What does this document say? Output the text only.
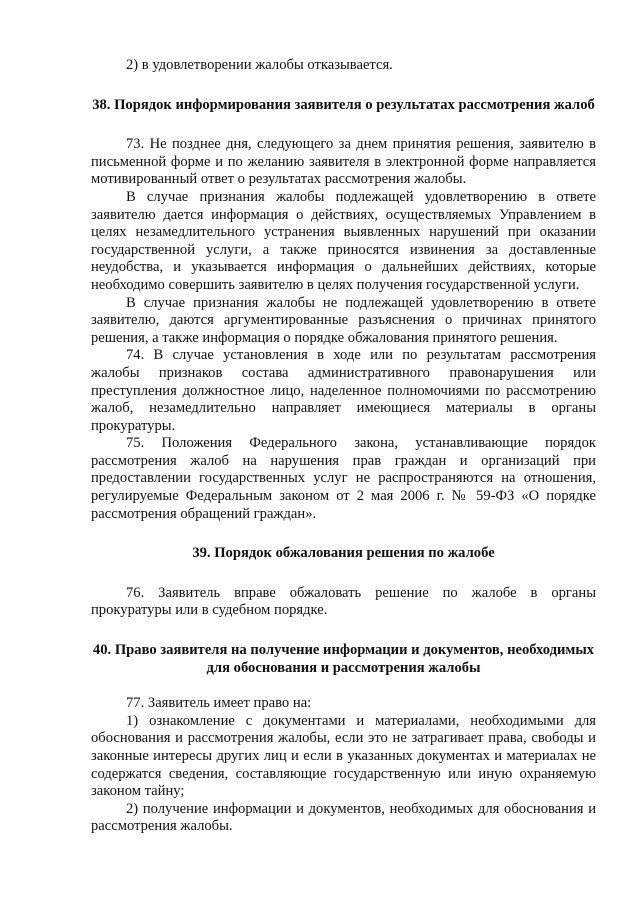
2) в удовлетворении жалобы отказывается.

38. Порядок информирования заявителя о результатах рассмотрения жалоб

73. Не позднее дня, следующего за днем принятия решения, заявителю в письменной форме и по желанию заявителя в электронной форме направляется мотивированный ответ о результатах рассмотрения жалобы.

В случае признания жалобы подлежащей удовлетворению в ответе заявителю дается информация о действиях, осуществляемых Управлением в целях незамедлительного устранения выявленных нарушений при оказании государственной услуги, а также приносятся извинения за доставленные неудобства, и указывается информация о дальнейших действиях, которые необходимо совершить заявителю в целях получения государственной услуги.

В случае признания жалобы не подлежащей удовлетворению в ответе заявителю, даются аргументированные разъяснения о причинах принятого решения, а также информация о порядке обжалования принятого решения.

74. В случае установления в ходе или по результатам рассмотрения жалобы признаков состава административного правонарушения или преступления должностное лицо, наделенное полномочиями по рассмотрению жалоб, незамедлительно направляет имеющиеся материалы в органы прокуратуры.

75. Положения Федерального закона, устанавливающие порядок рассмотрения жалоб на нарушения прав граждан и организаций при предоставлении государственных услуг не распространяются на отношения, регулируемые Федеральным законом от 2 мая 2006 г. № 59-ФЗ «О порядке рассмотрения обращений граждан».

39. Порядок обжалования решения по жалобе

76. Заявитель вправе обжаловать решение по жалобе в органы прокуратуры или в судебном порядке.

40. Право заявителя на получение информации и документов, необходимых для обоснования и рассмотрения жалобы

77. Заявитель имеет право на:

1) ознакомление с документами и материалами, необходимыми для обоснования и рассмотрения жалобы, если это не затрагивает права, свободы и законные интересы других лиц и если в указанных документах и материалах не содержатся сведения, составляющие государственную или иную охраняемую законом тайну;

2) получение информации и документов, необходимых для обоснования и рассмотрения жалобы.
